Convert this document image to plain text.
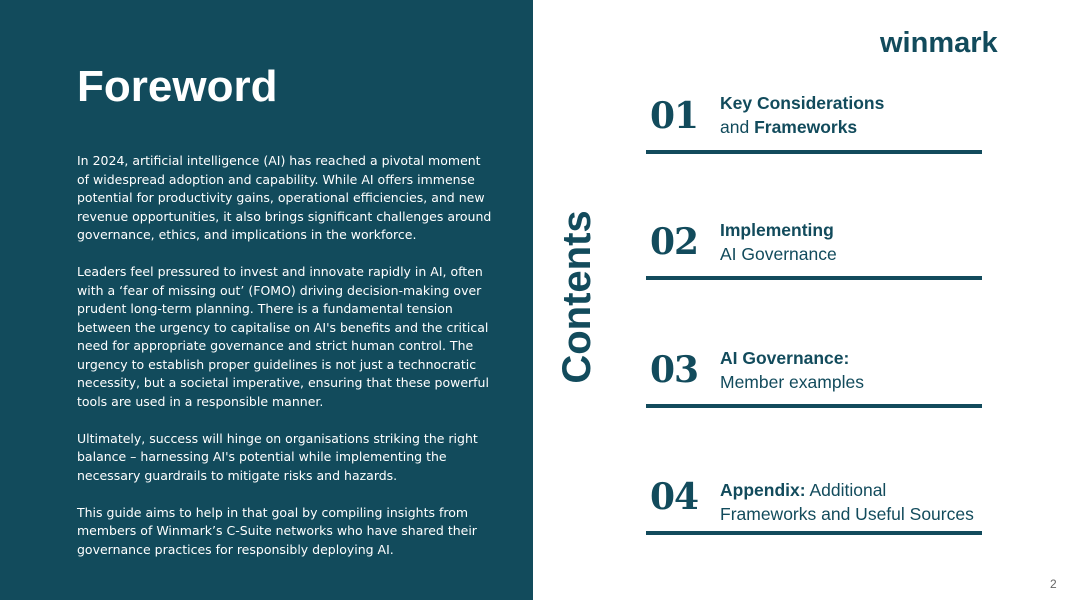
Foreword

In 2024, artificial intelligence (AI) has reached a pivotal moment of widespread adoption and capability. While AI offers immense potential for productivity gains, operational efficiencies, and new revenue opportunities, it also brings significant challenges around governance, ethics, and implications in the workforce.

Leaders feel pressured to invest and innovate rapidly in AI, often with a ‘fear of missing out’ (FOMO) driving decision-making over prudent long-term planning. There is a fundamental tension between the urgency to capitalise on AI's benefits and the critical need for appropriate governance and strict human control. The urgency to establish proper guidelines is not just a technocratic necessity, but a societal imperative, ensuring that these powerful tools are used in a responsible manner.

Ultimately, success will hinge on organisations striking the right balance – harnessing AI's potential while implementing the necessary guardrails to mitigate risks and hazards.

This guide aims to help in that goal by compiling insights from members of Winmark’s C-Suite networks who have shared their governance practices for responsibly deploying AI.

winmark
Contents
01 Key Considerations
and Frameworks
02 Implementing
AI Governance
03 AI Governance:
Member examples
04 Appendix: Additional
Frameworks and Useful Sources
2
